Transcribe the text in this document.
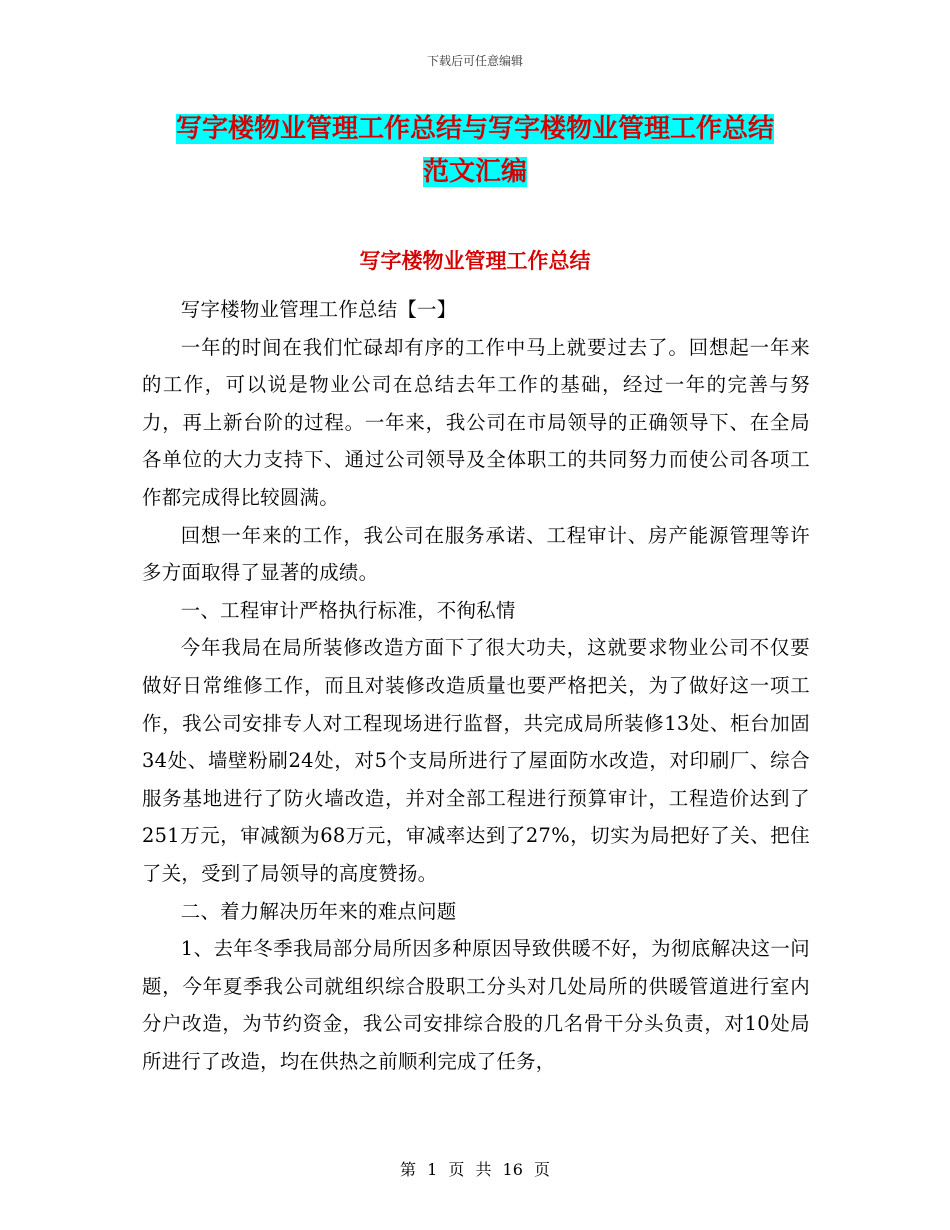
下载后可任意编辑
写字楼物业管理工作总结与写字楼物业管理工作总结
范文汇编
写字楼物业管理工作总结

写字楼物业管理工作总结【一】

一年的时间在我们忙碌却有序的工作中马上就要过去了。回想起一年来的工作，可以说是物业公司在总结去年工作的基础，经过一年的完善与努力，再上新台阶的过程。一年来，我公司在市局领导的正确领导下、在全局各单位的大力支持下、通过公司领导及全体职工的共同努力而使公司各项工作都完成得比较圆满。

回想一年来的工作，我公司在服务承诺、工程审计、房产能源管理等许多方面取得了显著的成绩。

一、工程审计严格执行标准，不徇私情

今年我局在局所装修改造方面下了很大功夫，这就要求物业公司不仅要做好日常维修工作，而且对装修改造质量也要严格把关，为了做好这一项工作，我公司安排专人对工程现场进行监督，共完成局所装修13处、柜台加固34处、墙壁粉刷24处，对5个支局所进行了屋面防水改造，对印刷厂、综合服务基地进行了防火墙改造，并对全部工程进行预算审计，工程造价达到了251万元，审减额为68万元，审减率达到了27%，切实为局把好了关、把住了关，受到了局领导的高度赞扬。

二、着力解决历年来的难点问题

1、去年冬季我局部分局所因多种原因导致供暖不好，为彻底解决这一问题，今年夏季我公司就组织综合股职工分头对几处局所的供暖管道进行室内分户改造，为节约资金，我公司安排综合股的几名骨干分头负责，对10处局所进行了改造，均在供热之前顺利完成了任务，

第 1 页 共 16 页
